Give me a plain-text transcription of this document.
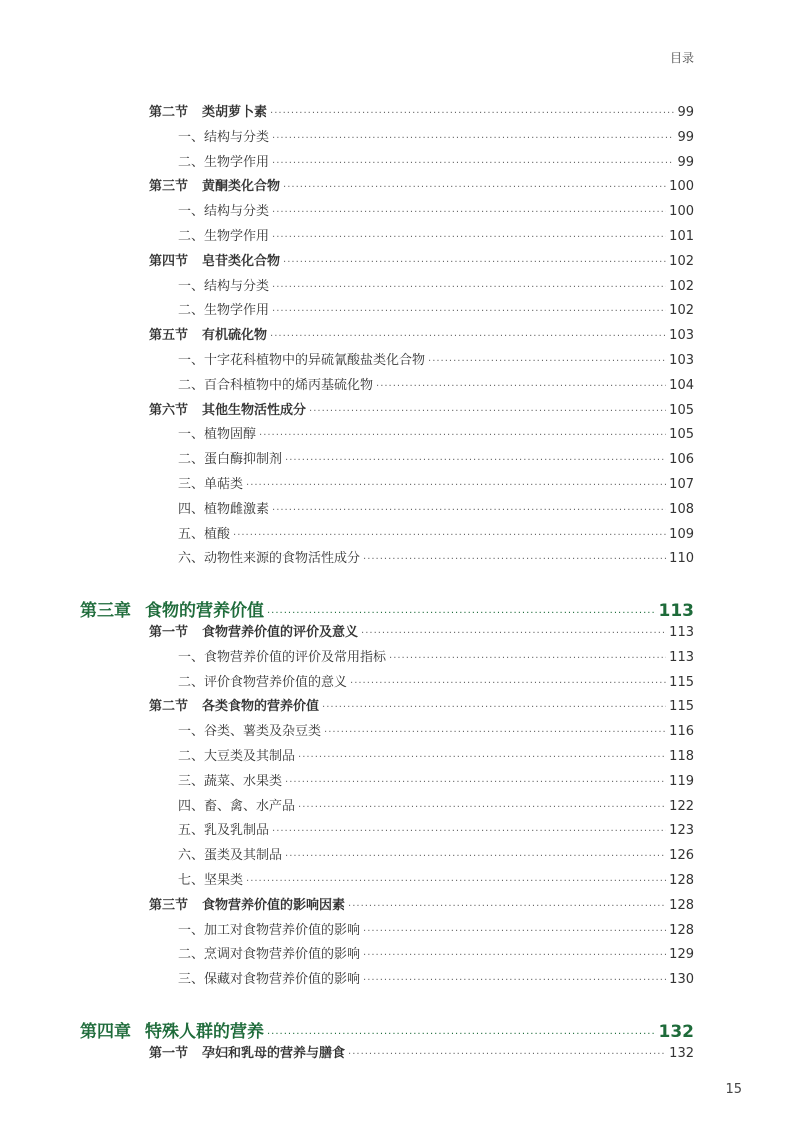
目录
第二节 类胡萝卜素 ·····	99
一、结构与分类 ·····	99
二、生物学作用 ·····	99
第三节 黄酮类化合物 ·····	100
一、结构与分类 ·····	100
二、生物学作用 ·····	101
第四节 皂苷类化合物 ·····	102
一、结构与分类 ·····	102
二、生物学作用 ·····	102
第五节 有机硫化物 ·····	103
一、十字花科植物中的异硫氰酸盐类化合物 ·····	103
二、百合科植物中的烯丙基硫化物 ·····	104
第六节 其他生物活性成分 ·····	105
一、植物固醇 ·····	105
二、蛋白酶抑制剂 ·····	106
三、单萜类 ·····	107
四、植物雌激素 ·····	108
五、植酸 ·····	109
六、动物性来源的食物活性成分 ·····	110
第三章 食物的营养价值 ·····	113
第一节 食物营养价值的评价及意义 ·····	113
一、食物营养价值的评价及常用指标 ·····	113
二、评价食物营养价值的意义 ·····	115
第二节 各类食物的营养价值 ·····	115
一、谷类、薯类及杂豆类 ·····	116
二、大豆类及其制品 ·····	118
三、蔬菜、水果类 ·····	119
四、畜、禽、水产品 ·····	122
五、乳及乳制品 ·····	123
六、蛋类及其制品 ·····	126
七、坚果类 ·····	128
第三节 食物营养价值的影响因素 ·····	128
一、加工对食物营养价值的影响 ·····	128
二、烹调对食物营养价值的影响 ·····	129
三、保藏对食物营养价值的影响 ·····	130
第四章 特殊人群的营养 ·····	132
第一节 孕妇和乳母的营养与膳食 ·····	132
15
